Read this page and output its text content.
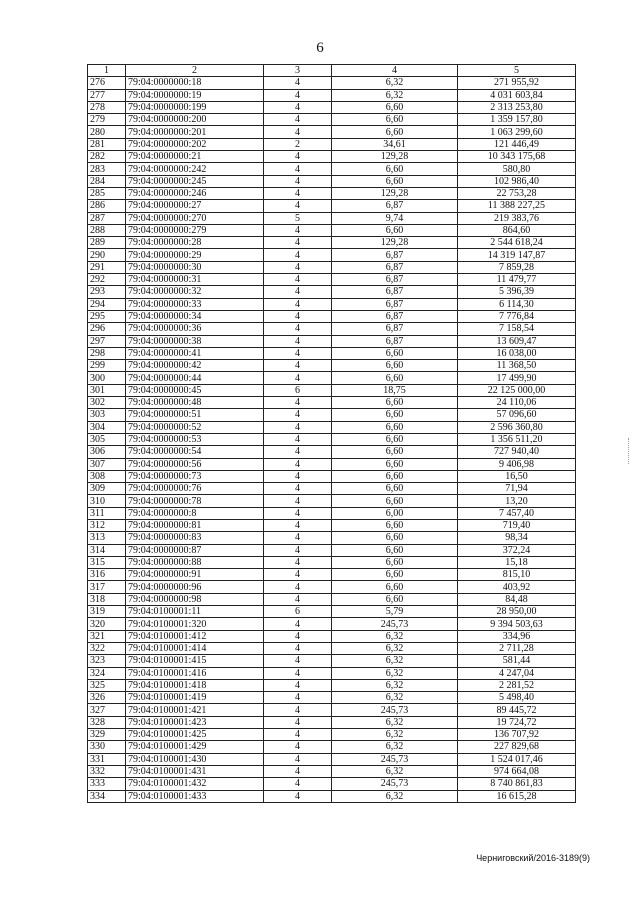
6
1	2	3	4	5
276	79:04:0000000:18	4	6,32	271 955,92
277	79:04:0000000:19	4	6,32	4 031 603,84
278	79:04:0000000:199	4	6,60	2 313 253,80
279	79:04:0000000:200	4	6,60	1 359 157,80
280	79:04:0000000:201	4	6,60	1 063 299,60
281	79:04:0000000:202	2	34,61	121 446,49
282	79:04:0000000:21	4	129,28	10 343 175,68
283	79:04:0000000:242	4	6,60	580,80
284	79:04:0000000:245	4	6,60	102 986,40
285	79:04:0000000:246	4	129,28	22 753,28
286	79:04:0000000:27	4	6,87	11 388 227,25
287	79:04:0000000:270	5	9,74	219 383,76
288	79:04:0000000:279	4	6,60	864,60
289	79:04:0000000:28	4	129,28	2 544 618,24
290	79:04:0000000:29	4	6,87	14 319 147,87
291	79:04:0000000:30	4	6,87	7 859,28
292	79:04:0000000:31	4	6,87	11 479,77
293	79:04:0000000:32	4	6,87	5 396,39
294	79:04:0000000:33	4	6,87	6 114,30
295	79:04:0000000:34	4	6,87	7 776,84
296	79:04:0000000:36	4	6,87	7 158,54
297	79:04:0000000:38	4	6,87	13 609,47
298	79:04:0000000:41	4	6,60	16 038,00
299	79:04:0000000:42	4	6,60	11 368,50
300	79:04:0000000:44	4	6,60	17 499,90
301	79:04:0000000:45	6	18,75	22 125 000,00
302	79:04:0000000:48	4	6,60	24 110,06
303	79:04:0000000:51	4	6,60	57 096,60
304	79:04:0000000:52	4	6,60	2 596 360,80
305	79:04:0000000:53	4	6,60	1 356 511,20
306	79:04:0000000:54	4	6,60	727 940,40
307	79:04:0000000:56	4	6,60	9 406,98
308	79:04:0000000:73	4	6,60	16,50
309	79:04:0000000:76	4	6,60	71,94
310	79:04:0000000:78	4	6,60	13,20
311	79:04:0000000:8	4	6,00	7 457,40
312	79:04:0000000:81	4	6,60	719,40
313	79:04:0000000:83	4	6,60	98,34
314	79:04:0000000:87	4	6,60	372,24
315	79:04:0000000:88	4	6,60	15,18
316	79:04:0000000:91	4	6,60	815,10
317	79:04:0000000:96	4	6,60	403,92
318	79:04:0000000:98	4	6,60	84,48
319	79:04:0100001:11	6	5,79	28 950,00
320	79:04:0100001:320	4	245,73	9 394 503,63
321	79:04:0100001:412	4	6,32	334,96
322	79:04:0100001:414	4	6,32	2 711,28
323	79:04:0100001:415	4	6,32	581,44
324	79:04:0100001:416	4	6,32	4 247,04
325	79:04:0100001:418	4	6,32	2 281,52
326	79:04:0100001:419	4	6,32	5 498,40
327	79:04:0100001:421	4	245,73	89 445,72
328	79:04:0100001:423	4	6,32	19 724,72
329	79:04:0100001:425	4	6,32	136 707,92
330	79:04:0100001:429	4	6,32	227 829,68
331	79:04:0100001:430	4	245,73	1 524 017,46
332	79:04:0100001:431	4	6,32	974 664,08
333	79:04:0100001:432	4	245,73	8 740 861,83
334	79:04:0100001:433	4	6,32	16 615,28
Черниговский/2016-3189(9)
